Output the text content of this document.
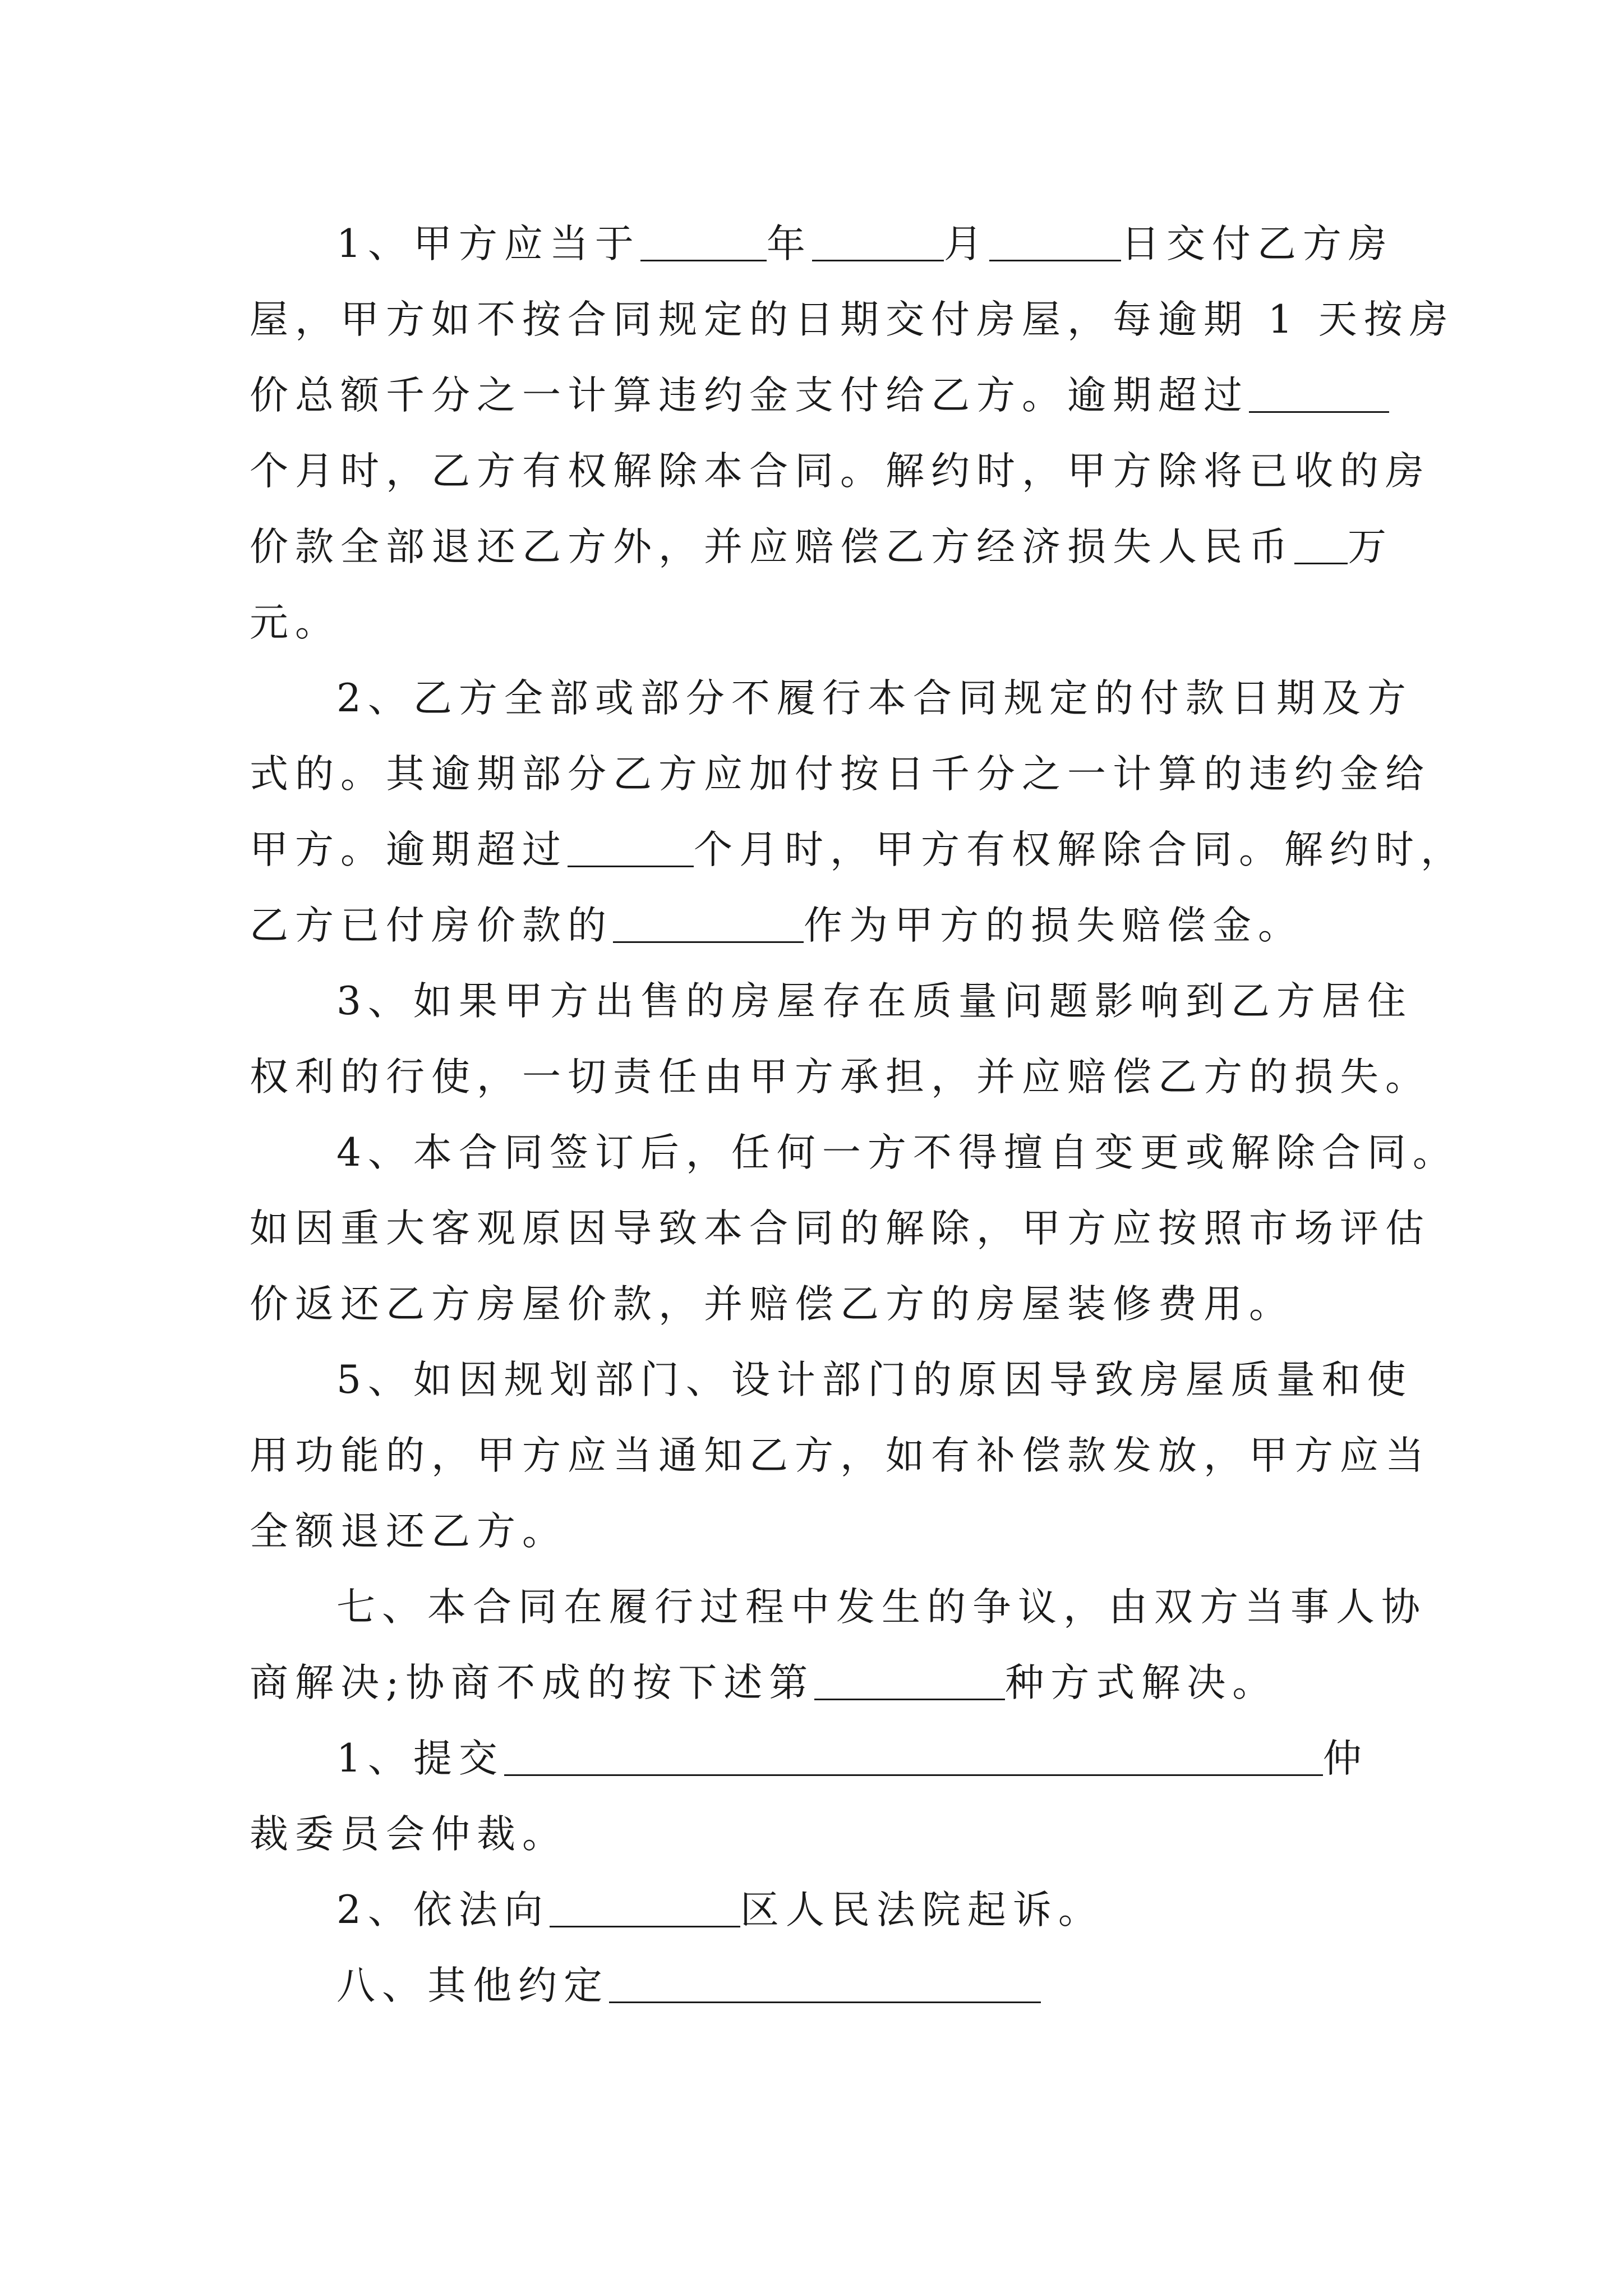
1、甲方应当于	年	月	日交付乙方房
屋，甲方如不按合同规定的日期交付房屋，每逾期 1 天按房
价总额千分之一计算违约金支付给乙方。逾期超过
个月时，乙方有权解除本合同。解约时，甲方除将已收的房
价款全部退还乙方外，并应赔偿乙方经济损失人民币 万
元。
2、乙方全部或部分不履行本合同规定的付款日期及方
式的。其逾期部分乙方应加付按日千分之一计算的违约金给
甲方。逾期超过	个月时，甲方有权解除合同。解约时，
乙方已付房价款的	作为甲方的损失赔偿金。
3、如果甲方出售的房屋存在质量问题影响到乙方居住
权利的行使，一切责任由甲方承担，并应赔偿乙方的损失。
4、本合同签订后，任何一方不得擅自变更或解除合同。
如因重大客观原因导致本合同的解除，甲方应按照市场评估
价返还乙方房屋价款，并赔偿乙方的房屋装修费用。
5、如因规划部门、设计部门的原因导致房屋质量和使
用功能的，甲方应当通知乙方，如有补偿款发放，甲方应当
全额退还乙方。
七、本合同在履行过程中发生的争议，由双方当事人协
商解决;协商不成的按下述第	种方式解决。
1、提交	仲
裁委员会仲裁。
2、依法向	区人民法院起诉。
八、其他约定
